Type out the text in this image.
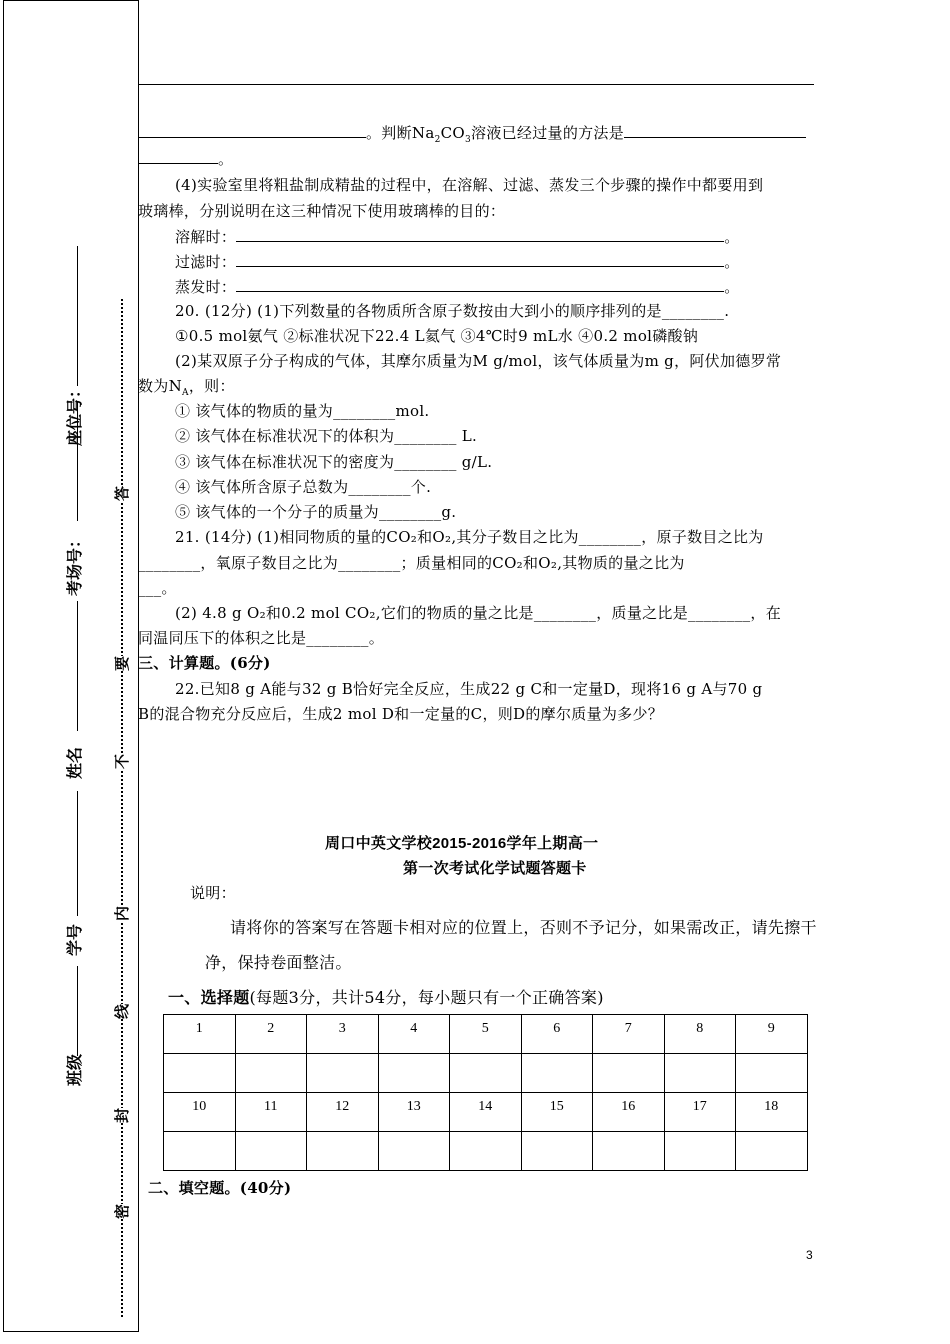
座位号：
考场号：
姓名
学号
班级
答
要
不
内
线
封
密
。判断$Na_2CO_3$溶液已经过量的方法是
。
(4)实验室里将粗盐制成精盐的过程中，在溶解、过滤、蒸发三个步骤的操作中都要用到
玻璃棒，分别说明在这三种情况下使用玻璃棒的目的：
溶解时：	。
过滤时：	。
蒸发时：	。
20. (12分) (1)下列数量的各物质所含原子数按由大到小的顺序排列的是________.
①0.5 mol氨气 ②标准状况下22.4 L氦气 ③4℃时9 mL水 ④0.2 mol磷酸钠
(2)某双原子分子构成的气体，其摩尔质量为M g/mol，该气体质量为m g，阿伏加德罗常
数为$N_A$，则：
① 该气体的物质的量为________mol.
② 该气体在标准状况下的体积为________ L.
③ 该气体在标准状况下的密度为________ g/L.
④ 该气体所含原子总数为________个.
⑤ 该气体的一个分子的质量为________g.
21. (14分) (1)相同物质的量的CO₂和O₂,其分子数目之比为________，原子数目之比为
________，氧原子数目之比为________；质量相同的CO₂和O₂,其物质的量之比为
___。
(2) 4.8 g O₂和0.2 mol CO₂,它们的物质的量之比是________，质量之比是________，在
同温同压下的体积之比是________。
三、计算题。(6分)
22.已知8 g A能与32 g B恰好完全反应，生成22 g C和一定量D，现将16 g A与70 g
B的混合物充分反应后，生成2 mol D和一定量的C，则D的摩尔质量为多少？
周口中英文学校2015-2016学年上期高一
第一次考试化学试题答题卡
说明：
请将你的答案写在答题卡相对应的位置上，否则不予记分，如果需改正，请先擦干
净，保持卷面整洁。
一、选择题(每题3分，共计54分，每小题只有一个正确答案)
1	2	3	4	5	6	7	8	9

10	11	12	13	14	15	16	17	18

二、填空题。(40分)
3
